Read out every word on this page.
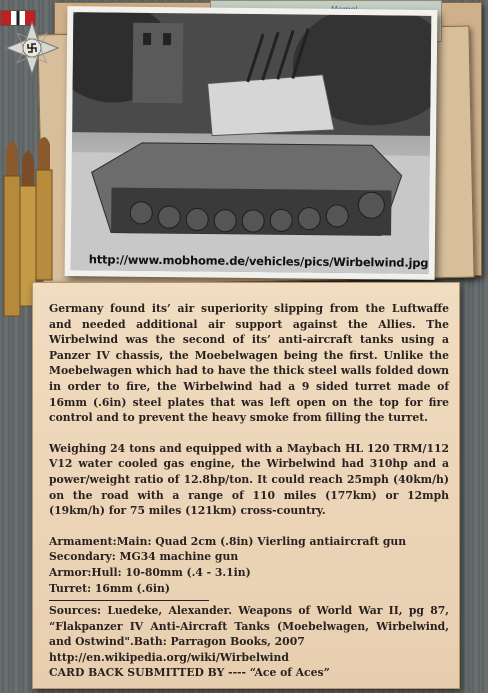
http://www.mobhome.de/vehicles/pics/Wirbelwind.jpg

Germany found its’ air superiority slipping from the Luftwaffe and needed additional air support against the Allies. The Wirbelwind was the second of its’ anti-aircraft tanks using a Panzer IV chassis, the Moebelwagen being the first. Unlike the Moebelwagen which had to have the thick steel walls folded down in order to fire, the Wirbelwind had a 9 sided turret made of 16mm (.6in) steel plates that was left open on the top for fire control and to prevent the heavy smoke from filling the turret.

Weighing 24 tons and equipped with a Maybach HL 120 TRM/112 V12 water cooled gas engine, the Wirbelwind had 310hp and a power/weight ratio of 12.8hp/ton. It could reach 25mph (40km/h) on the road with a range of 110 miles (177km) or 12mph (19km/h) for 75 miles (121km) cross-country.

Armament:Main: Quad 2cm (.8in) Vierling antiaircraft gun
Secondary: MG34 machine gun
Armor:Hull: 10-80mm (.4 - 3.1in)
Turret: 16mm (.6in)
Sources: Luedeke, Alexander. Weapons of World War II, pg 87, “Flakpanzer IV Anti-Aircraft Tanks (Moebelwagen, Wirbelwind, and Ostwind".Bath: Parragon Books, 2007
http://en.wikipedia.org/wiki/Wirbelwind
CARD BACK SUBMITTED BY ---- “Ace of Aces”
